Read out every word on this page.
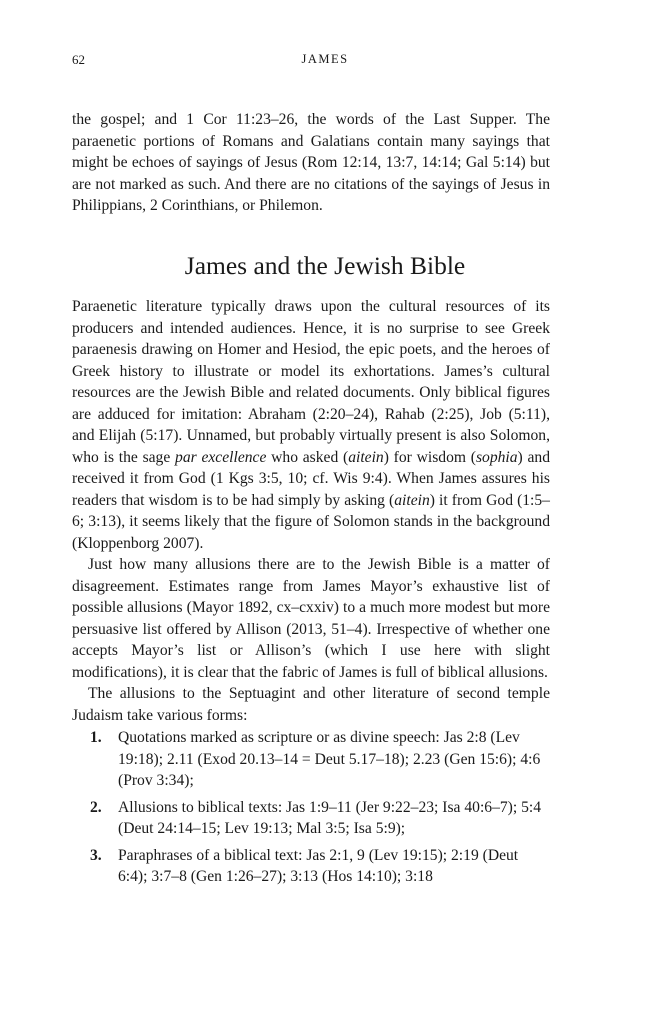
62	JAMES

the gospel; and 1 Cor 11:23–26, the words of the Last Supper. The paraenetic portions of Romans and Galatians contain many sayings that might be echoes of sayings of Jesus (Rom 12:14, 13:7, 14:14; Gal 5:14) but are not marked as such. And there are no citations of the sayings of Jesus in Philippians, 2 Corinthians, or Philemon.

James and the Jewish Bible

Paraenetic literature typically draws upon the cultural resources of its producers and intended audiences. Hence, it is no surprise to see Greek paraenesis drawing on Homer and Hesiod, the epic poets, and the heroes of Greek history to illustrate or model its exhortations. James’s cultural resources are the Jewish Bible and related documents. Only biblical figures are adduced for imitation: Abraham (2:20–24), Rahab (2:25), Job (5:11), and Elijah (5:17). Unnamed, but probably virtually present is also Solomon, who is the sage par excellence who asked (aitein) for wisdom (sophia) and received it from God (1 Kgs 3:5, 10; cf. Wis 9:4). When James assures his readers that wisdom is to be had simply by asking (aitein) it from God (1:5–6; 3:13), it seems likely that the figure of Solomon stands in the background (Kloppenborg 2007).

Just how many allusions there are to the Jewish Bible is a matter of disagreement. Estimates range from James Mayor’s exhaustive list of possible allusions (Mayor 1892, cx–cxxiv) to a much more modest but more persuasive list offered by Allison (2013, 51–4). Irrespective of whether one accepts Mayor’s list or Allison’s (which I use here with slight modifications), it is clear that the fabric of James is full of biblical allusions.

The allusions to the Septuagint and other literature of second temple Judaism take various forms:

1. Quotations marked as scripture or as divine speech: Jas 2:8 (Lev 19:18); 2.11 (Exod 20.13–14 = Deut 5.17–18); 2.23 (Gen 15:6); 4:6 (Prov 3:34);
2. Allusions to biblical texts: Jas 1:9–11 (Jer 9:22–23; Isa 40:6–7); 5:4 (Deut 24:14–15; Lev 19:13; Mal 3:5; Isa 5:9);
3. Paraphrases of a biblical text: Jas 2:1, 9 (Lev 19:15); 2:19 (Deut 6:4); 3:7–8 (Gen 1:26–27); 3:13 (Hos 14:10); 3:18
